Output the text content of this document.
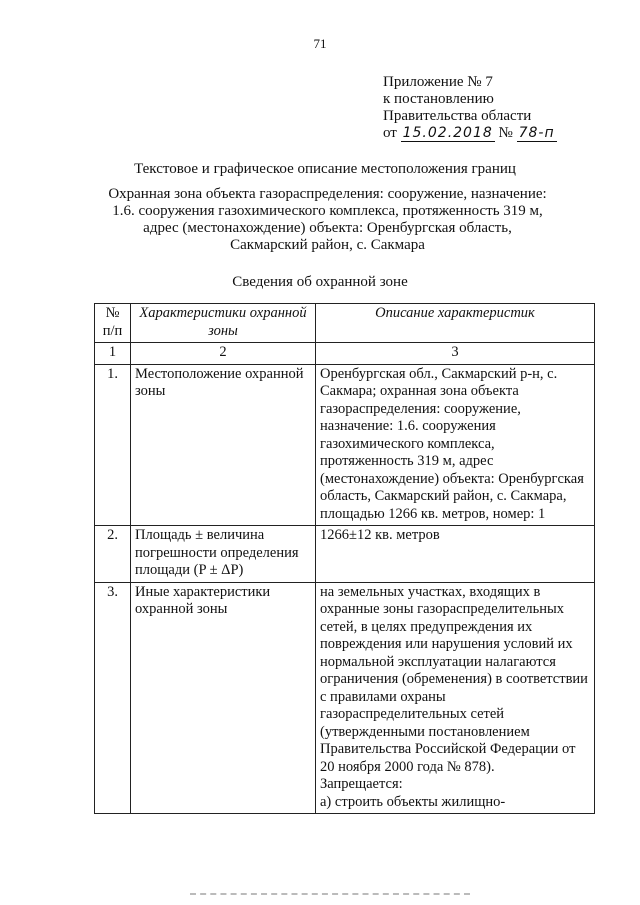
71
Приложение № 7
к постановлению
Правительства области
от 15.02.2018 № 78-п
Текстовое и графическое описание местоположения границ
Охранная зона объекта газораспределения: сооружение, назначение: 1.6. сооружения газохимического комплекса, протяженность 319 м, адрес (местонахождение) объекта: Оренбургская область, Сакмарский район, с. Сакмара
Сведения об охранной зоне
№ п/п	Характеристики охранной зоны	Описание характеристик
1	2	3
1.	Местоположение охранной зоны	Оренбургская обл., Сакмарский р-н, с. Сакмара; охранная зона объекта газораспределения: сооружение, назначение: 1.6. сооружения газохимического комплекса, протяженность 319 м, адрес (местонахождение) объекта: Оренбургская область, Сакмарский район, с. Сакмара, площадью 1266 кв. метров, номер: 1
2.	Площадь ± величина погрешности определения площади (P ± ΔP)	1266±12 кв. метров
3.	Иные характеристики охранной зоны	на земельных участках, входящих в охранные зоны газораспределительных сетей, в целях предупреждения их повреждения или нарушения условий их нормальной эксплуатации налагаются ограничения (обременения) в соответствии с правилами охраны газораспределительных сетей (утвержденными постановлением Правительства Российской Федерации от 20 ноября 2000 года № 878).
Запрещается:
а) строить объекты жилищно-
